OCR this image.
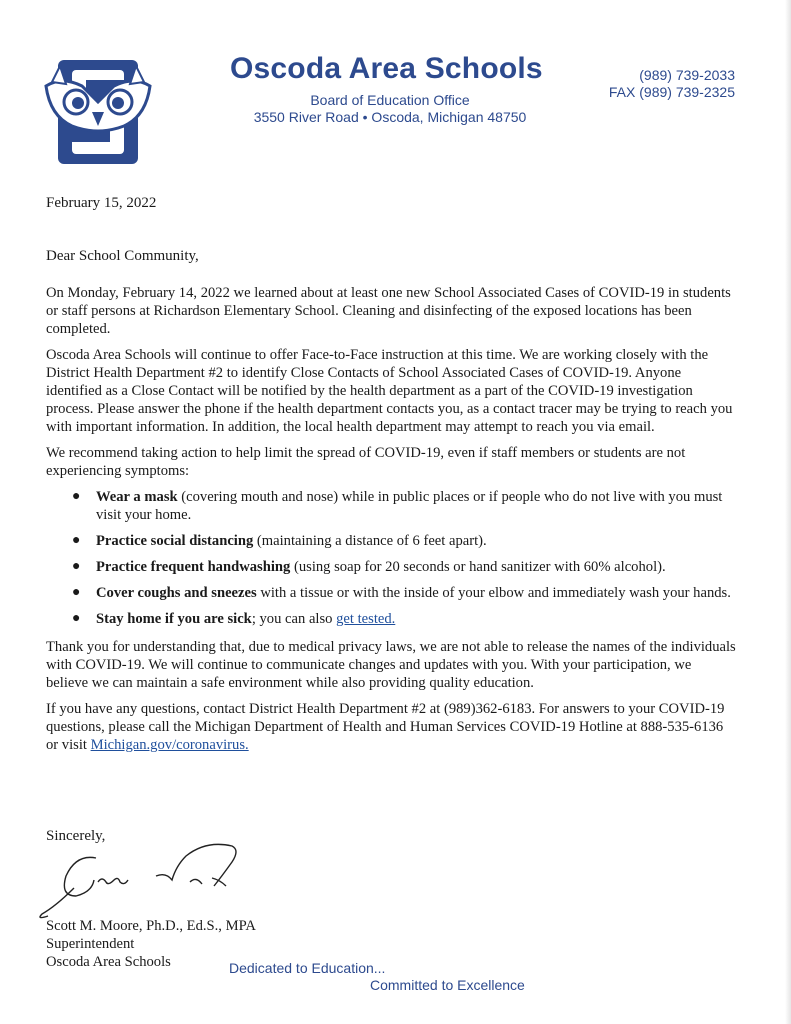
Oscoda Area Schools
Board of Education Office
3550 River Road • Oscoda, Michigan 48750
(989) 739-2033
FAX (989) 739-2325
February 15, 2022
Dear School Community,

On Monday, February 14, 2022 we learned about at least one new School Associated Cases of COVID-19 in students or staff persons at Richardson Elementary School. Cleaning and disinfecting of the exposed locations has been completed.

Oscoda Area Schools will continue to offer Face-to-Face instruction at this time. We are working closely with the District Health Department #2 to identify Close Contacts of School Associated Cases of COVID-19. Anyone identified as a Close Contact will be notified by the health department as a part of the COVID-19 investigation process. Please answer the phone if the health department contacts you, as a contact tracer may be trying to reach you with important information. In addition, the local health department may attempt to reach you via email.

We recommend taking action to help limit the spread of COVID-19, even if staff members or students are not experiencing symptoms:

● Wear a mask (covering mouth and nose) while in public places or if people who do not live with you must visit your home.
● Practice social distancing (maintaining a distance of 6 feet apart).
● Practice frequent handwashing (using soap for 20 seconds or hand sanitizer with 60% alcohol).
● Cover coughs and sneezes with a tissue or with the inside of your elbow and immediately wash your hands.
● Stay home if you are sick; you can also get tested.

Thank you for understanding that, due to medical privacy laws, we are not able to release the names of the individuals with COVID-19. We will continue to communicate changes and updates with you. With your participation, we believe we can maintain a safe environment while also providing quality education.

If you have any questions, contact District Health Department #2 at (989)362-6183. For answers to your COVID-19 questions, please call the Michigan Department of Health and Human Services COVID-19 Hotline at 888-535-6136 or visit Michigan.gov/coronavirus.

Sincerely,
Scott M. Moore, Ph.D., Ed.S., MPA
Superintendent
Oscoda Area Schools	Dedicated to Education...
Committed to Excellence
